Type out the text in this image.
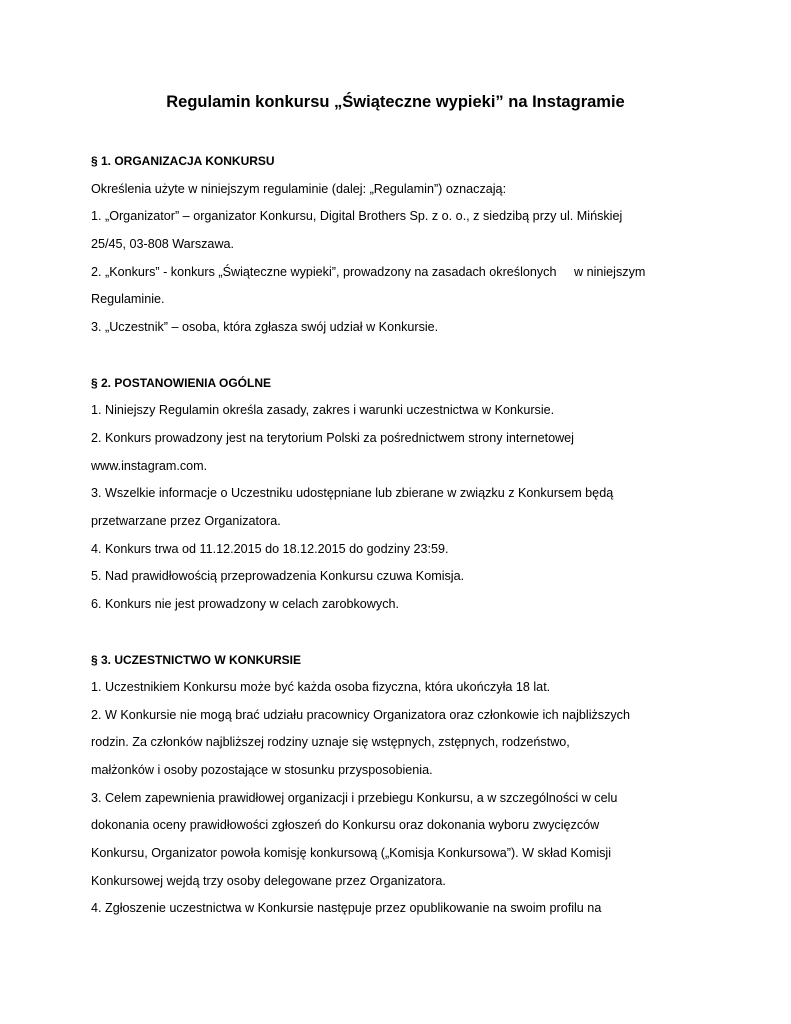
Regulamin konkursu „Świąteczne wypieki” na Instagramie
§ 1. ORGANIZACJA KONKURSU
Określenia użyte w niniejszym regulaminie (dalej: „Regulamin”) oznaczają:
1. „Organizator” – organizator Konkursu, Digital Brothers Sp. z o. o., z siedzibą przy ul. Mińskiej
25/45, 03-808 Warszawa.
2. „Konkurs” - konkurs „Świąteczne wypieki”, prowadzony na zasadach określonych     w niniejszym
Regulaminie.
3. „Uczestnik” – osoba, która zgłasza swój udział w Konkursie.
§ 2. POSTANOWIENIA OGÓLNE
1. Niniejszy Regulamin określa zasady, zakres i warunki uczestnictwa w Konkursie.
2. Konkurs prowadzony jest na terytorium Polski za pośrednictwem strony internetowej
www.instagram.com.
3. Wszelkie informacje o Uczestniku udostępniane lub zbierane w związku z Konkursem będą
przetwarzane przez Organizatora.
4. Konkurs trwa od 11.12.2015 do 18.12.2015 do godziny 23:59.
5. Nad prawidłowością przeprowadzenia Konkursu czuwa Komisja.
6. Konkurs nie jest prowadzony w celach zarobkowych.
§ 3. UCZESTNICTWO W KONKURSIE
1. Uczestnikiem Konkursu może być każda osoba fizyczna, która ukończyła 18 lat.
2. W Konkursie nie mogą brać udziału pracownicy Organizatora oraz członkowie ich najbliższych
rodzin. Za członków najbliższej rodziny uznaje się wstępnych, zstępnych, rodzeństwo,
małżonków i osoby pozostające w stosunku przysposobienia.
3. Celem zapewnienia prawidłowej organizacji i przebiegu Konkursu, a w szczególności w celu
dokonania oceny prawidłowości zgłoszeń do Konkursu oraz dokonania wyboru zwycięzców
Konkursu, Organizator powoła komisję konkursową („Komisja Konkursowa”). W skład Komisji
Konkursowej wejdą trzy osoby delegowane przez Organizatora.
4. Zgłoszenie uczestnictwa w Konkursie następuje przez opublikowanie na swoim profilu na
